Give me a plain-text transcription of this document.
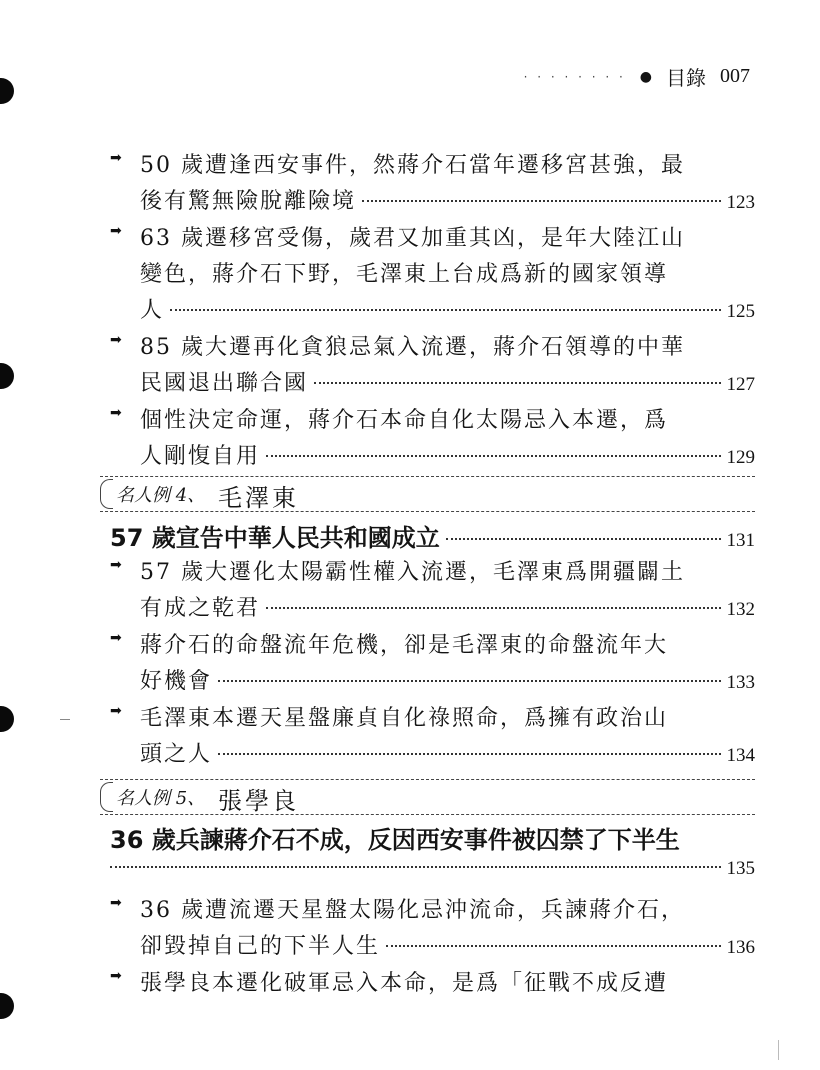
· · · · · · · · ● 目錄 007
➡ 50 歲遭逢西安事件，然蔣介石當年遷移宮甚強，最
後有驚無險脫離險境	123
➡ 63 歲遷移宮受傷，歲君又加重其凶，是年大陸江山
變色，蔣介石下野，毛澤東上台成爲新的國家領導
人	125
➡ 85 歲大遷再化貪狼忌氣入流遷，蔣介石領導的中華
民國退出聯合國	127
➡ 個性決定命運，蔣介石本命自化太陽忌入本遷，爲
人剛愎自用	129
名人例 4、 毛澤東
57 歲宣告中華人民共和國成立	131
➡ 57 歲大遷化太陽霸性權入流遷，毛澤東爲開疆闢土
有成之乾君	132
➡ 蔣介石的命盤流年危機，卻是毛澤東的命盤流年大
好機會	133
➡ 毛澤東本遷天星盤廉貞自化祿照命，爲擁有政治山
頭之人	134
名人例 5、 張學良
36 歲兵諫蔣介石不成，反因西安事件被囚禁了下半生
135
➡ 36 歲遭流遷天星盤太陽化忌沖流命，兵諫蔣介石，
卻毀掉自己的下半人生	136
➡ 張學良本遷化破軍忌入本命，是爲「征戰不成反遭
